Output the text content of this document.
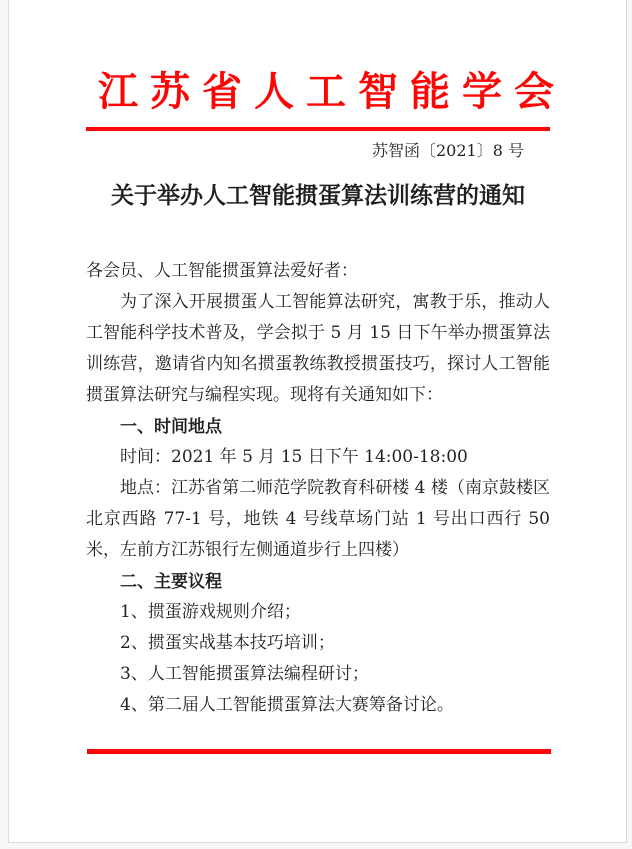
江苏省人工智能学会
苏智函〔2021〕8 号
关于举办人工智能掼蛋算法训练营的通知

各会员、人工智能掼蛋算法爱好者：

为了深入开展掼蛋人工智能算法研究，寓教于乐，推动人工智能科学技术普及，学会拟于 5 月 15 日下午举办掼蛋算法训练营，邀请省内知名掼蛋教练教授掼蛋技巧，探讨人工智能掼蛋算法研究与编程实现。现将有关通知如下：

一、时间地点

时间：2021 年 5 月 15 日下午 14:00-18:00

地点：江苏省第二师范学院教育科研楼 4 楼（南京鼓楼区北京西路 77-1 号，地铁 4 号线草场门站 1 号出口西行 50 米，左前方江苏银行左侧通道步行上四楼）

二、主要议程

1、掼蛋游戏规则介绍；

2、掼蛋实战基本技巧培训；

3、人工智能掼蛋算法编程研讨；

4、第二届人工智能掼蛋算法大赛筹备讨论。
